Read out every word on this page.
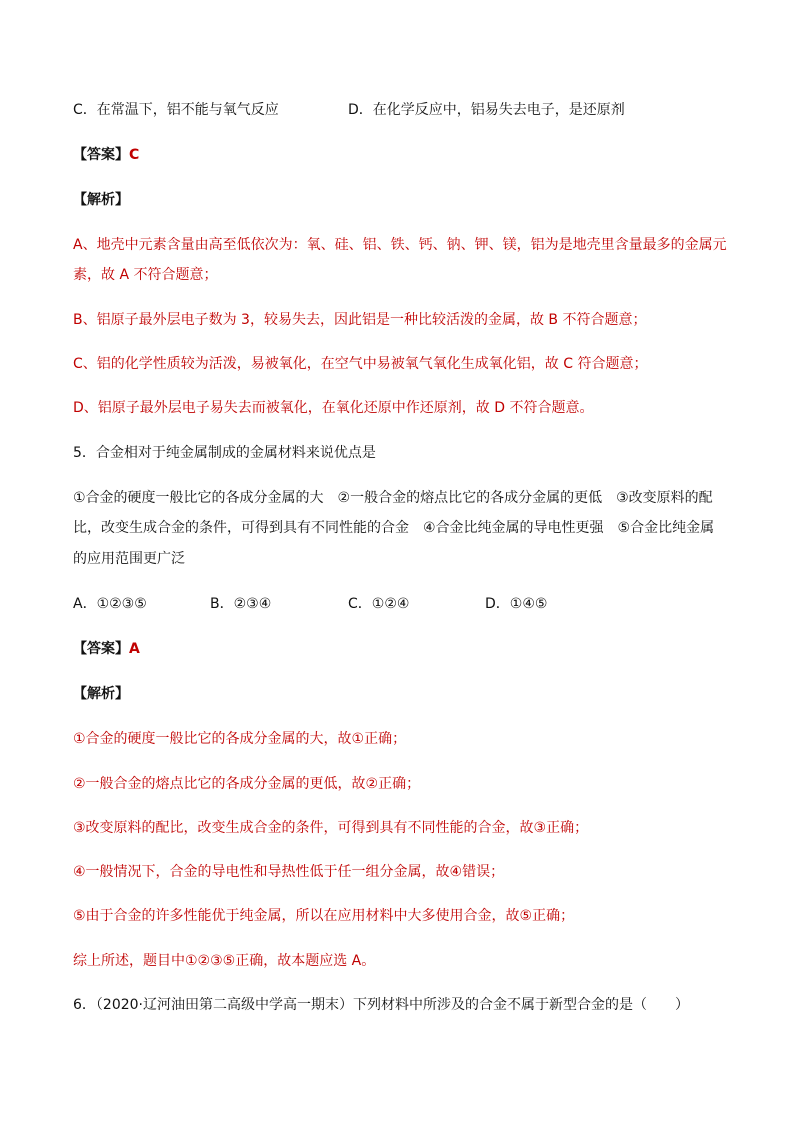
C．在常温下，铝不能与氧气反应	D．在化学反应中，铝易失去电子，是还原剂
【答案】C
【解析】
A、地壳中元素含量由高至低依次为：氧、硅、铝、铁、钙、钠、钾、镁，铝为是地壳里含量最多的金属元
素，故 A 不符合题意；
B、铝原子最外层电子数为 3，较易失去，因此铝是一种比较活泼的金属，故 B 不符合题意；
C、铝的化学性质较为活泼，易被氧化，在空气中易被氧气氧化生成氧化铝，故 C 符合题意；
D、铝原子最外层电子易失去而被氧化，在氧化还原中作还原剂，故 D 不符合题意。
5．合金相对于纯金属制成的金属材料来说优点是
①合金的硬度一般比它的各成分金属的大　②一般合金的熔点比它的各成分金属的更低　③改变原料的配
比，改变生成合金的条件，可得到具有不同性能的合金　④合金比纯金属的导电性更强　⑤合金比纯金属
的应用范围更广泛
A．①②③⑤	B．②③④	C．①②④	D．①④⑤
【答案】A
【解析】
①合金的硬度一般比它的各成分金属的大，故①正确；
②一般合金的熔点比它的各成分金属的更低，故②正确；
③改变原料的配比，改变生成合金的条件，可得到具有不同性能的合金，故③正确；
④一般情况下，合金的导电性和导热性低于任一组分金属，故④错误；
⑤由于合金的许多性能优于纯金属，所以在应用材料中大多使用合金，故⑤正确；
综上所述，题目中①②③⑤正确，故本题应选 A。
6．（2020·辽河油田第二高级中学高一期末）下列材料中所涉及的合金不属于新型合金的是（　　）
